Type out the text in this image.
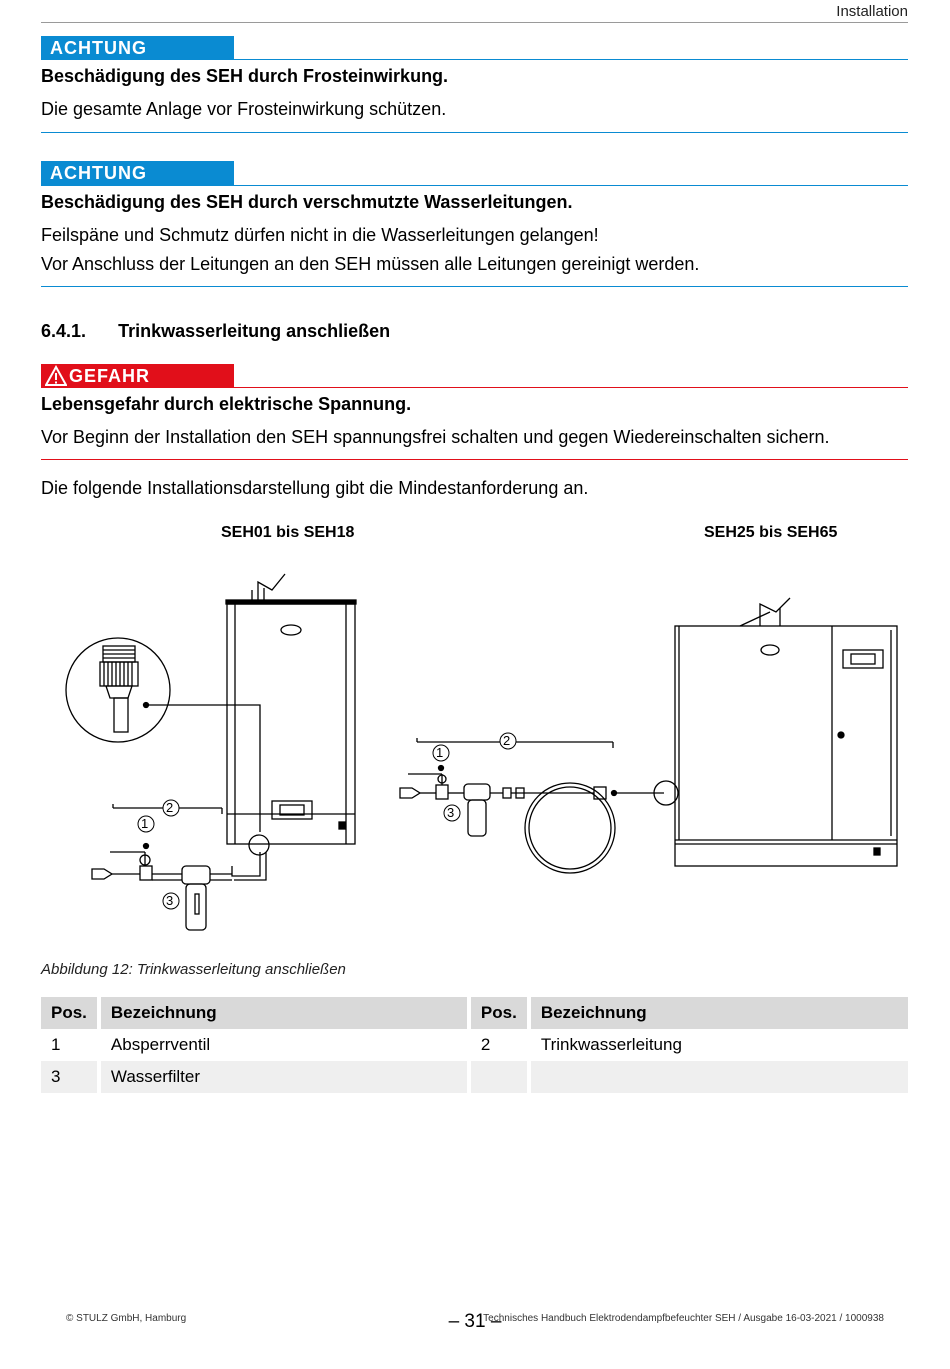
Installation
ACHTUNG
Beschädigung des SEH durch Frosteinwirkung.
Die gesamte Anlage vor Frosteinwirkung schützen.
ACHTUNG
Beschädigung des SEH durch verschmutzte Wasserleitungen.
Feilspäne und Schmutz dürfen nicht in die Wasserleitungen gelangen!
Vor Anschluss der Leitungen an den SEH müssen alle Leitungen gereinigt werden.
6.4.1. Trinkwasserleitung anschließen
GEFAHR
Lebensgefahr durch elektrische Spannung.
Vor Beginn der Installation den SEH spannungsfrei schalten und gegen Wiedereinschalten sichern.
Die folgende Installationsdarstellung gibt die Mindestanforderung an.
SEH01 bis SEH18	SEH25 bis SEH65
1
2
3
1
2
3
Abbildung 12: Trinkwasserleitung anschließen
Pos.		Bezeichnung		Pos.		Bezeichnung
1		Absperrventil		2		Trinkwasserleitung
3		Wasserfilter				
© STULZ GmbH, Hamburg	– 31 –
Technisches Handbuch Elektrodendampfbefeuchter SEH / Ausgabe 16-03-2021 / 1000938
